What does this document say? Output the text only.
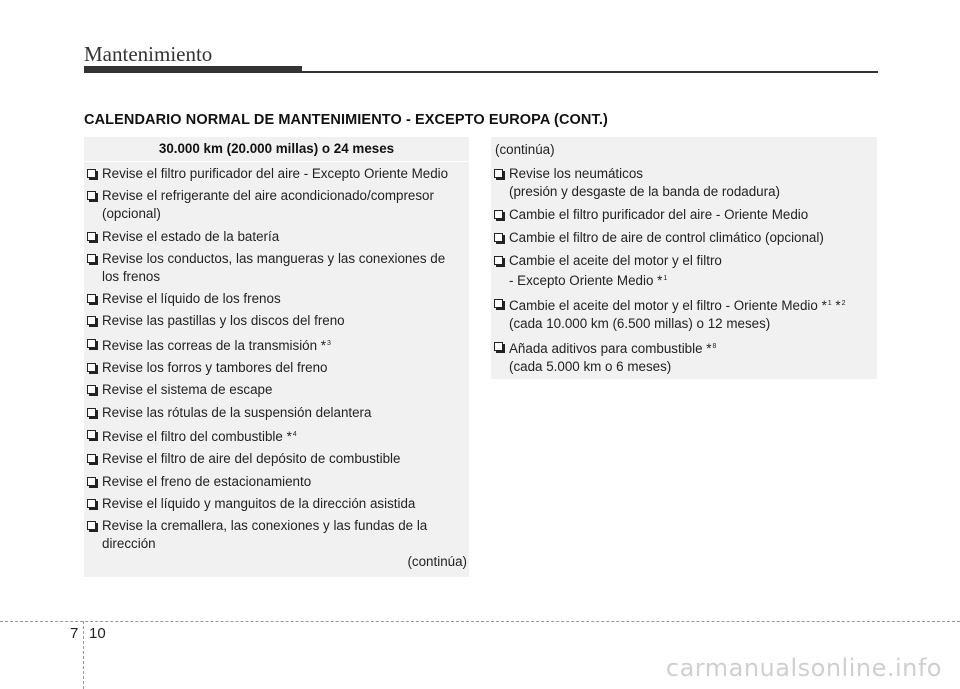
Mantenimiento
CALENDARIO NORMAL DE MANTENIMIENTO - EXCEPTO EUROPA (CONT.)
30.000 km (20.000 millas) o 24 meses
Revise el filtro purificador del aire - Excepto Oriente Medio
Revise el refrigerante del aire acondicionado/compresor
(opcional)
Revise el estado de la batería
Revise los conductos, las mangueras y las conexiones de
los frenos
Revise el líquido de los frenos
Revise las pastillas y los discos del freno
Revise las correas de la transmisión *$^3$
Revise los forros y tambores del freno
Revise el sistema de escape
Revise las rótulas de la suspensión delantera
Revise el filtro del combustible *$^4$
Revise el filtro de aire del depósito de combustible
Revise el freno de estacionamiento
Revise el líquido y manguitos de la dirección asistida
Revise la cremallera, las conexiones y las fundas de la
dirección
(continúa)
(continúa)
Revise los neumáticos
(presión y desgaste de la banda de rodadura)
Cambie el filtro purificador del aire - Oriente Medio
Cambie el filtro de aire de control climático (opcional)
Cambie el aceite del motor y el filtro
- Excepto Oriente Medio *$^1$
Cambie el aceite del motor y el filtro - Oriente Medio *$^1$ *$^2$
(cada 10.000 km (6.500 millas) o 12 meses)
Añada aditivos para combustible *$^8$
(cada 5.000 km o 6 meses)
7 10
carmanualsonline.info
